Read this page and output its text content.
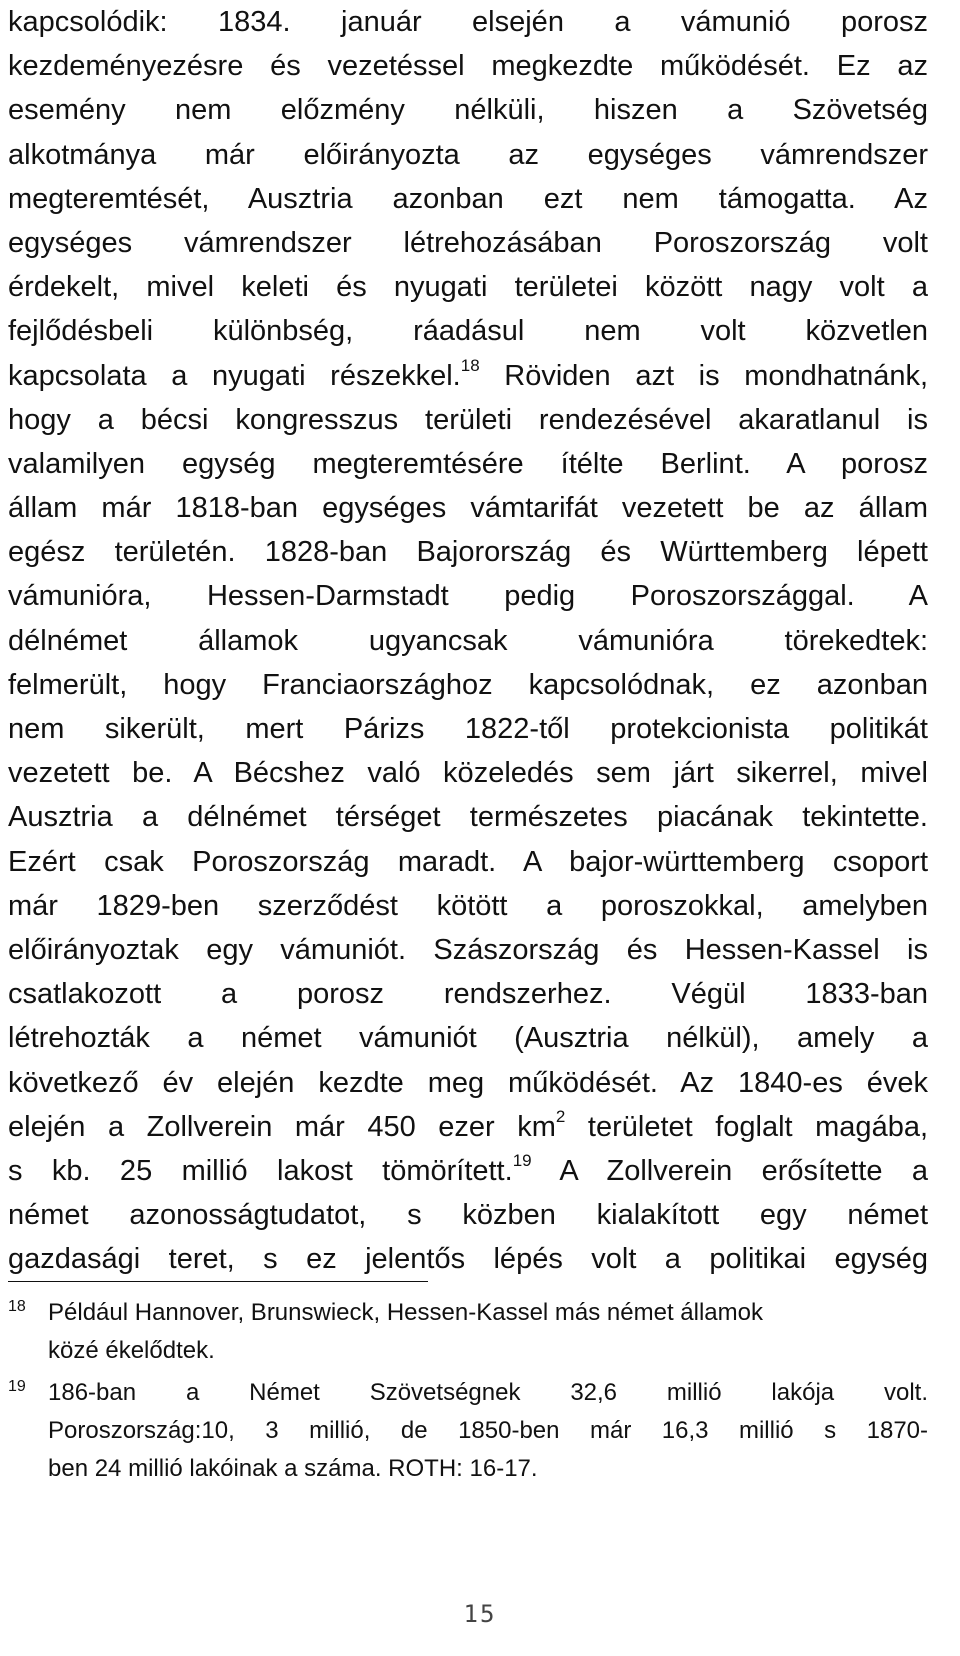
kapcsolódik: 1834. január elsején a vámunió porosz
kezdeményezésre és vezetéssel megkezdte működését. Ez az
esemény nem előzmény nélküli, hiszen a Szövetség
alkotmánya már előirányozta az egységes vámrendszer
megteremtését, Ausztria azonban ezt nem támogatta. Az
egységes vámrendszer létrehozásában Poroszország volt
érdekelt, mivel keleti és nyugati területei között nagy volt a
fejlődésbeli különbség, ráadásul nem volt közvetlen
kapcsolata a nyugati részekkel.$^{18}$ Röviden azt is mondhatnánk,
hogy a bécsi kongresszus területi rendezésével akaratlanul is
valamilyen egység megteremtésére ítélte Berlint. A porosz
állam már 1818-ban egységes vámtarifát vezetett be az állam
egész területén. 1828-ban Bajorország és Württemberg lépett
vámunióra, Hessen-Darmstadt pedig Poroszországgal. A
délnémet államok ugyancsak vámunióra törekedtek:
felmerült, hogy Franciaországhoz kapcsolódnak, ez azonban
nem sikerült, mert Párizs 1822-től protekcionista politikát
vezetett be. A Bécshez való közeledés sem járt sikerrel, mivel
Ausztria a délnémet térséget természetes piacának tekintette.
Ezért csak Poroszország maradt. A bajor-württemberg csoport
már 1829-ben szerződést kötött a poroszokkal, amelyben
előirányoztak egy vámuniót. Szászország és Hessen-Kassel is
csatlakozott a porosz rendszerhez. Végül 1833-ban
létrehozták a német vámuniót (Ausztria nélkül), amely a
következő év elején kezdte meg működését. Az 1840-es évek
elején a Zollverein már 450 ezer $km^2$ területet foglalt magába,
s kb. 25 millió lakost tömörített.$^{19}$ A Zollverein erősítette a
német azonosságtudatot, s közben kialakított egy német
gazdasági teret, s ez jelentős lépés volt a politikai egység
18 Például Hannover, Brunswieck, Hessen-Kassel más német államok
közé ékelődtek.
19 186-ban a Német Szövetségnek 32,6 millió lakója volt.
Poroszország:10, 3 millió, de 1850-ben már 16,3 millió s 1870-
ben 24 millió lakóinak a száma. ROTH: 16-17.
15
